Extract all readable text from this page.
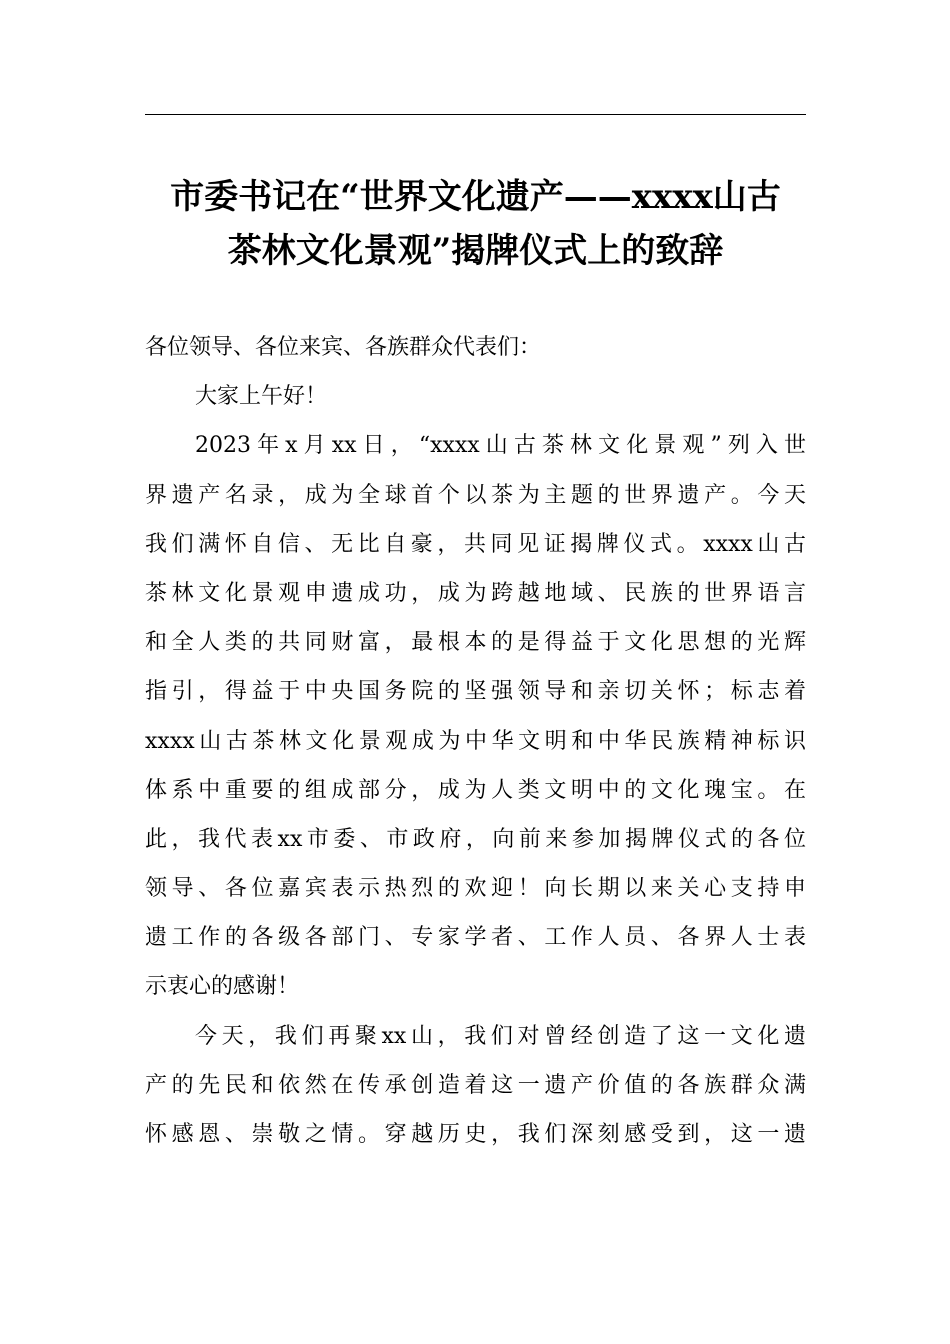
市委书记在“世界文化遗产——xxxx山古
茶林文化景观”揭牌仪式上的致辞
各位领导、各位来宾、各族群众代表们：
大家上午好！
2023年x月xx日，“xxxx山古茶林文化景观”列入世
界遗产名录，成为全球首个以茶为主题的世界遗产。今天
我们满怀自信、无比自豪，共同见证揭牌仪式。xxxx山古
茶林文化景观申遗成功，成为跨越地域、民族的世界语言
和全人类的共同财富，最根本的是得益于文化思想的光辉
指引，得益于中央国务院的坚强领导和亲切关怀；标志着
xxxx山古茶林文化景观成为中华文明和中华民族精神标识
体系中重要的组成部分，成为人类文明中的文化瑰宝。在
此，我代表xx市委、市政府，向前来参加揭牌仪式的各位
领导、各位嘉宾表示热烈的欢迎！向长期以来关心支持申
遗工作的各级各部门、专家学者、工作人员、各界人士表
示衷心的感谢！
今天，我们再聚xx山，我们对曾经创造了这一文化遗
产的先民和依然在传承创造着这一遗产价值的各族群众满
怀感恩、崇敬之情。穿越历史，我们深刻感受到，这一遗
